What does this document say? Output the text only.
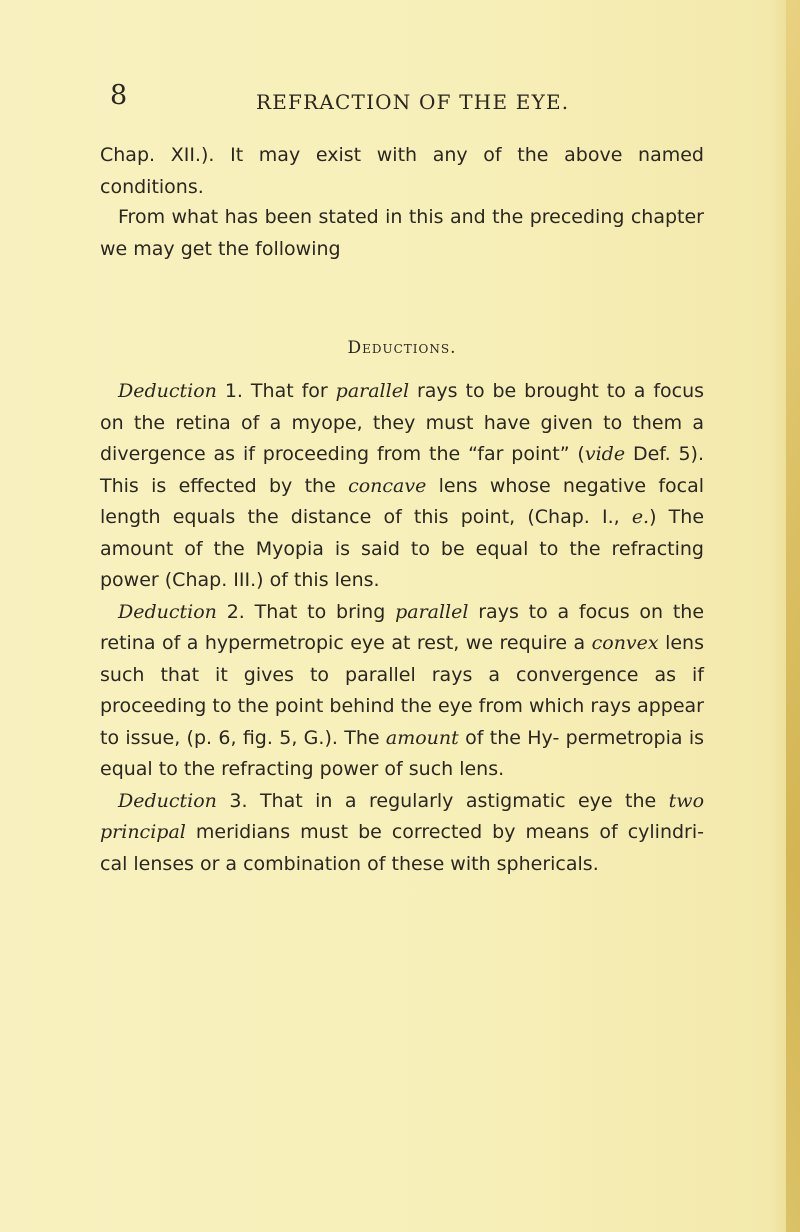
8	REFRACTION OF THE EYE.

Chap. XII.). It may exist with any of the above named conditions.

From what has been stated in this and the preceding chapter we may get the following

Deductions.

Deduction 1. That for parallel rays to be brought to a focus on the retina of a myope, they must have given to them a divergence as if proceeding from the “far point” (vide Def. 5). This is effected by the concave lens whose negative focal length equals the distance of this point, (Chap. I., e.) The amount of the Myopia is said to be equal to the refracting power (Chap. III.) of this lens.

Deduction 2. That to bring parallel rays to a focus on the retina of a hypermetropic eye at rest, we require a convex lens such that it gives to parallel rays a convergence as if proceeding to the point behind the eye from which rays appear to issue, (p. 6, fig. 5, G.). The amount of the Hy- permetropia is equal to the refracting power of such lens.

Deduction 3. That in a regularly astigmatic eye the two principal meridians must be corrected by means of cylindri- cal lenses or a combination of these with sphericals.
